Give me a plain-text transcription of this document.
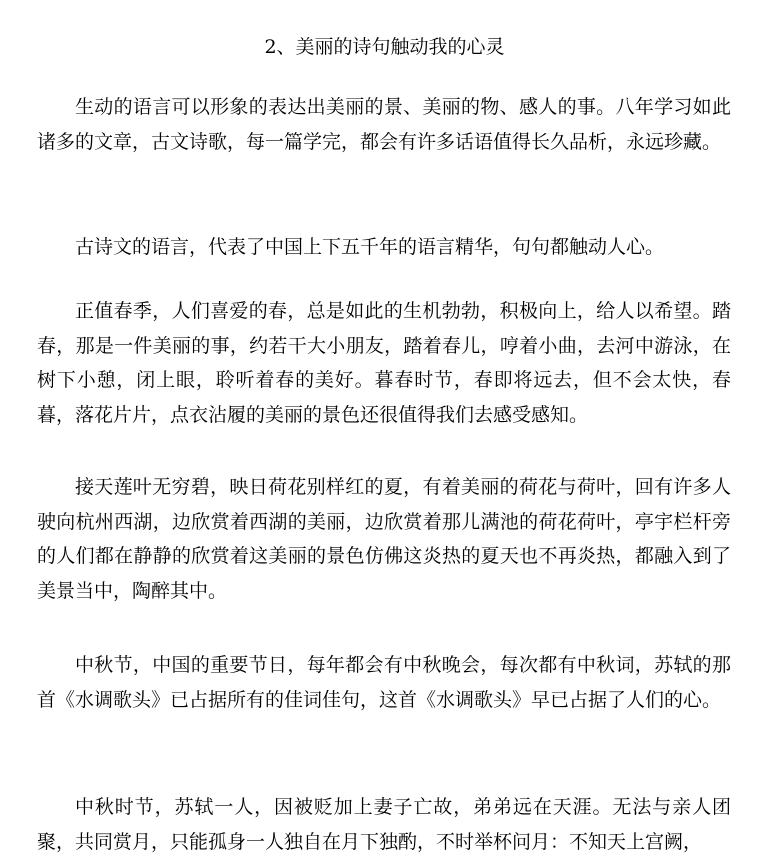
2、美丽的诗句触动我的心灵

生动的语言可以形象的表达出美丽的景、美丽的物、感人的事。八年学习如此诸多的文章，古文诗歌，每一篇学完，都会有许多话语值得长久品析，永远珍藏。

古诗文的语言，代表了中国上下五千年的语言精华，句句都触动人心。

正值春季，人们喜爱的春，总是如此的生机勃勃，积极向上，给人以希望。踏春，那是一件美丽的事，约若干大小朋友，踏着春儿，哼着小曲，去河中游泳，在树下小憩，闭上眼，聆听着春的美好。暮春时节，春即将远去，但不会太快，春暮，落花片片，点衣沾履的美丽的景色还很值得我们去感受感知。

接天莲叶无穷碧，映日荷花别样红的夏，有着美丽的荷花与荷叶，回有许多人驶向杭州西湖，边欣赏着西湖的美丽，边欣赏着那儿满池的荷花荷叶，亭宇栏杆旁的人们都在静静的欣赏着这美丽的景色仿佛这炎热的夏天也不再炎热，都融入到了美景当中，陶醉其中。

中秋节，中国的重要节日，每年都会有中秋晚会，每次都有中秋词，苏轼的那首《水调歌头》已占据所有的佳词佳句，这首《水调歌头》早已占据了人们的心。

中秋时节，苏轼一人，因被贬加上妻子亡故，弟弟远在天涯。无法与亲人团聚，共同赏月，只能孤身一人独自在月下独酌，不时举杯问月：不知天上宫阙，
